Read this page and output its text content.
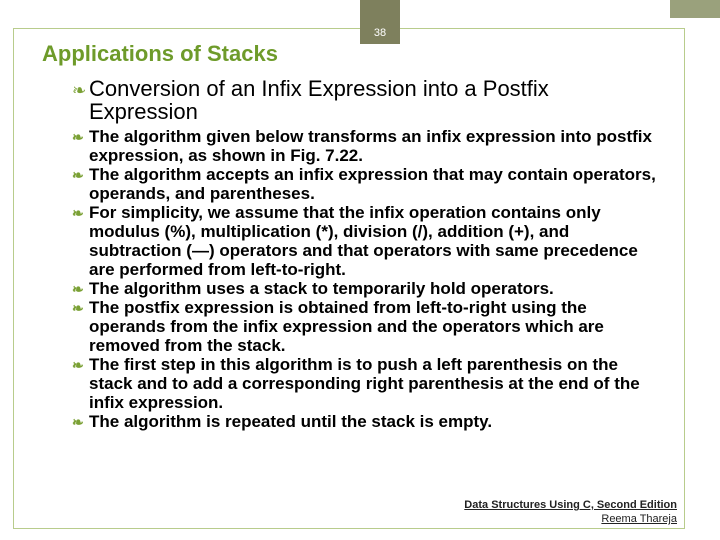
38
Applications of Stacks
❧ Conversion of an Infix Expression into a Postfix Expression
❧ The algorithm given below transforms an infix expression into postfix expression, as shown in Fig. 7.22.
❧ The algorithm accepts an infix expression that may contain operators, operands, and parentheses.
❧ For simplicity, we assume that the infix operation contains only modulus (%), multiplication (*), division (/), addition (+), and subtraction (—) operators and that operators with same precedence are performed from left-to-right.
❧ The algorithm uses a stack to temporarily hold operators.
❧ The postfix expression is obtained from left-to-right using the operands from the infix expression and the operators which are removed from the stack.
❧ The first step in this algorithm is to push a left parenthesis on the stack and to add a corresponding right parenthesis at the end of the infix expression.
❧ The algorithm is repeated until the stack is empty.
Data Structures Using C, Second Edition
Reema Thareja
